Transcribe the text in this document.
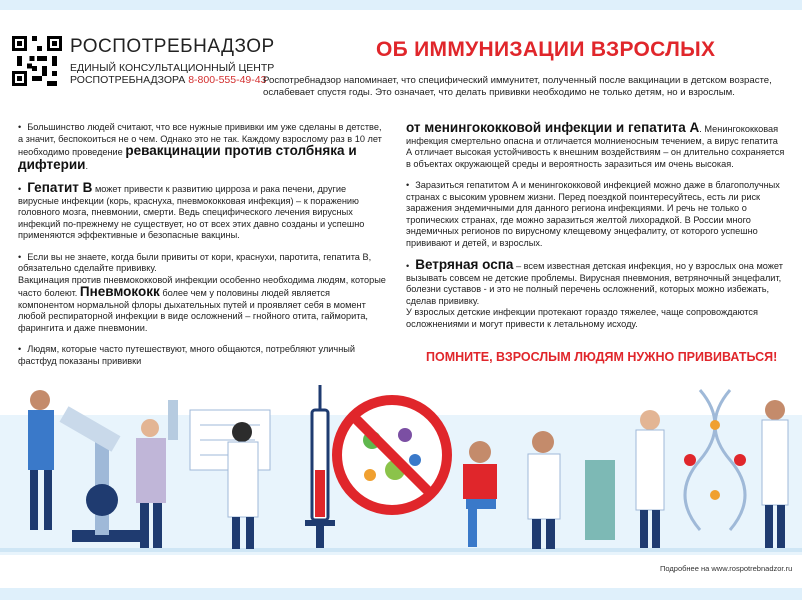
РОСПОТРЕБНАДЗОР
ЕДИНЫЙ КОНСУЛЬТАЦИОННЫЙ ЦЕНТР
РОСПОТРЕБНАДЗОРА 8-800-555-49-43
ОБ ИММУНИЗАЦИИ ВЗРОСЛЫХ
Роспотребнадзор напоминает, что специфический иммунитет, полученный после вакцинации в детском возрасте, ослабевает спустя годы. Это означает, что делать прививки необходимо не только детям, но и взрослым.

• Большинство людей считают, что все нужные прививки им уже сделаны в детстве, а значит, беспокоиться не о чем. Однако это не так. Каждому взрослому раз в 10 лет необходимо проведение ревакцинации против столбняка и дифтерии.

• Гепатит В может привести к развитию цирроза и рака печени, другие вирусные инфекции (корь, краснуха, пневмококковая инфекция) – к поражению головного мозга, пневмонии, смерти. Ведь специфического лечения вирусных инфекций по-прежнему не существует, но от всех этих давно созданы и успешно применяются эффективные и безопасные вакцины.

• Если вы не знаете, когда были привиты от кори, краснухи, паротита, гепатита В, обязательно сделайте прививку.
Вакцинация против пневмококковой инфекции особенно необходима людям, которые часто болеют. Пневмококк более чем у половины людей является компонентом нормальной флоры дыхательных путей и проявляет себя в момент любой респираторной инфекции в виде осложнений – гнойного отита, гайморита, фарингита и даже пневмонии.

• Людям, которые часто путешествуют, много общаются, потребляют уличный фастфуд показаны прививки

от менингококковой инфекции и гепатита А. Менингококковая инфекция смертельно опасна и отличается молниеносным течением, а вирус гепатита А отличает высокая устойчивость к внешним воздействиям – он длительно сохраняется в объектах окружающей среды и вероятность заразиться им очень высокая.

• Заразиться гепатитом А и менингококковой инфекцией можно даже в благополучных странах с высоким уровнем жизни. Перед поездкой поинтересуйтесь, есть ли риск заражения эндемичными для данного региона инфекциями. И речь не только о тропических странах, где можно заразиться желтой лихорадкой. В России много эндемичных регионов по вирусному клещевому энцефалиту, от которого успешно прививают и детей, и взрослых.

• Ветряная оспа – всем известная детская инфекция, но у взрослых она может вызывать совсем не детские проблемы. Вирусная пневмония, ветряночный энцефалит, болезни суставов - и это не полный перечень осложнений, которых можно избежать, сделав прививку.
У взрослых детские инфекции протекают гораздо тяжелее, чаще сопровождаются осложнениями и могут привести к летальному исходу.

ПОМНИТЕ, ВЗРОСЛЫМ ЛЮДЯМ НУЖНО ПРИВИВАТЬСЯ!
Подробнее на www.rospotrebnadzor.ru
